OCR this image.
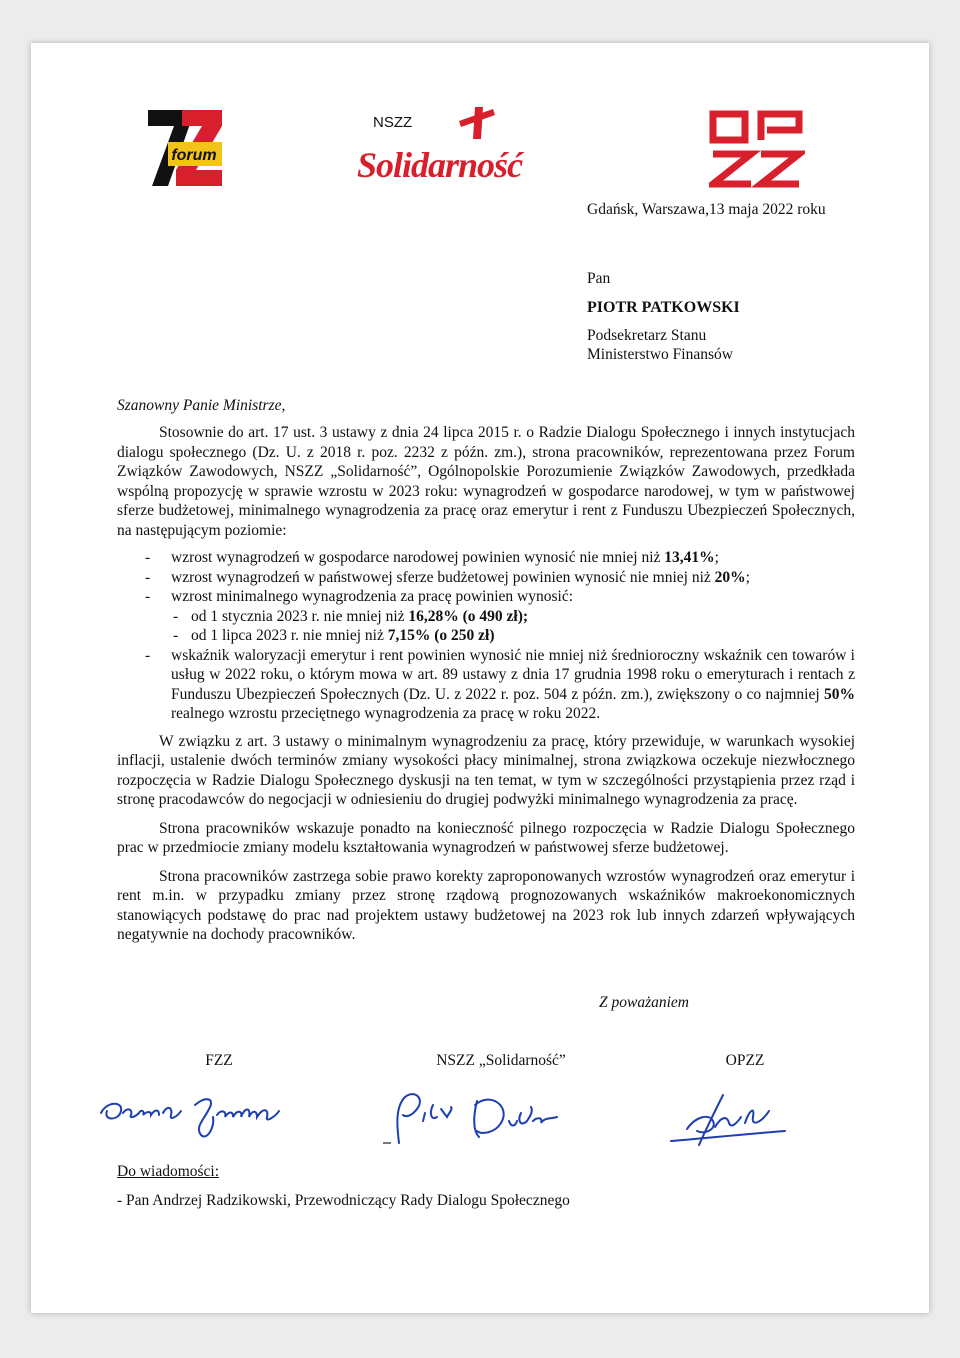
forum
NSZZ
Solidarność
Gdańsk, Warszawa,13 maja 2022 roku
Pan
PIOTR PATKOWSKI
Podsekretarz Stanu
Ministerstwo Finansów
Szanowny Panie Ministrze,

Stosownie do art. 17 ust. 3 ustawy z dnia 24 lipca 2015 r. o Radzie Dialogu Społecznego i innych instytucjach dialogu społecznego (Dz. U. z 2018 r. poz. 2232 z późn. zm.), strona pracowników, reprezentowana przez Forum Związków Zawodowych, NSZZ „Solidarność”, Ogólnopolskie Porozumienie Związków Zawodowych, przedkłada wspólną propozycję w sprawie wzrostu w 2023 roku: wynagrodzeń w gospodarce narodowej, w tym w państwowej sferze budżetowej, minimalnego wynagrodzenia za pracę oraz emerytur i rent z Funduszu Ubezpieczeń Społecznych, na następującym poziomie:

- wzrost wynagrodzeń w gospodarce narodowej powinien wynosić nie mniej niż 13,41%;
- wzrost wynagrodzeń w państwowej sferze budżetowej powinien wynosić nie mniej niż 20%;
- wzrost minimalnego wynagrodzenia za pracę powinien wynosić:
- od 1 stycznia 2023 r. nie mniej niż 16,28% (o 490 zł);
- od 1 lipca 2023 r. nie mniej niż 7,15% (o 250 zł)
- wskaźnik waloryzacji emerytur i rent powinien wynosić nie mniej niż średnioroczny wskaźnik cen towarów i usług w 2022 roku, o którym mowa w art. 89 ustawy z dnia 17 grudnia 1998 roku o emeryturach i rentach z Funduszu Ubezpieczeń Społecznych (Dz. U. z 2022 r. poz. 504 z późn. zm.), zwiększony o co najmniej 50% realnego wzrostu przeciętnego wynagrodzenia za pracę w roku 2022.

W związku z art. 3 ustawy o minimalnym wynagrodzeniu za pracę, który przewiduje, w warunkach wysokiej inflacji, ustalenie dwóch terminów zmiany wysokości płacy minimalnej, strona związkowa oczekuje niezwłocznego rozpoczęcia w Radzie Dialogu Społecznego dyskusji na ten temat, w tym w szczególności przystąpienia przez rząd i stronę pracodawców do negocjacji w odniesieniu do drugiej podwyżki minimalnego wynagrodzenia za pracę.

Strona pracowników wskazuje ponadto na konieczność pilnego rozpoczęcia w Radzie Dialogu Społecznego prac w przedmiocie zmiany modelu kształtowania wynagrodzeń w państwowej sferze budżetowej.

Strona pracowników zastrzega sobie prawo korekty zaproponowanych wzrostów wynagrodzeń oraz emerytur i rent m.in. w przypadku zmiany przez stronę rządową prognozowanych wskaźników makroekonomicznych stanowiących podstawę do prac nad projektem ustawy budżetowej na 2023 rok lub innych zdarzeń wpływających negatywnie na dochody pracowników.

Z poważaniem
FZZ	NSZZ „Solidarność”	OPZZ
Do wiadomości:
- Pan Andrzej Radzikowski, Przewodniczący Rady Dialogu Społecznego
